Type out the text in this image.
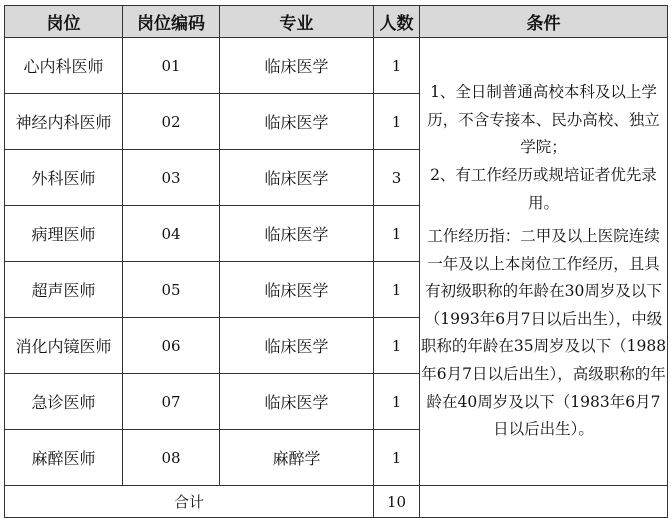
岗位	岗位编码	专业	人数	条件
心内科医师	01	临床医学	1	1、全日制普通高校本科及以上学历，不含专接本、民办高校、独立学院；
2、有工作经历或规培证者优先录用。
工作经历指：二甲及以上医院连续一年及以上本岗位工作经历，且具有初级职称的年龄在30周岁及以下（1993年6月7日以后出生），中级职称的年龄在35周岁及以下（1988年6月7日以后出生），高级职称的年龄在40周岁及以下（1983年6月7日以后出生）。

神经内科医师	02	临床医学	1	
外科医师	03	临床医学	3	
病理医师	04	临床医学	1	
超声医师	05	临床医学	1	
消化内镜医师	06	临床医学	1	
急诊医师	07	临床医学	1	
麻醉医师	08	麻醉学	1	
合计			10	
